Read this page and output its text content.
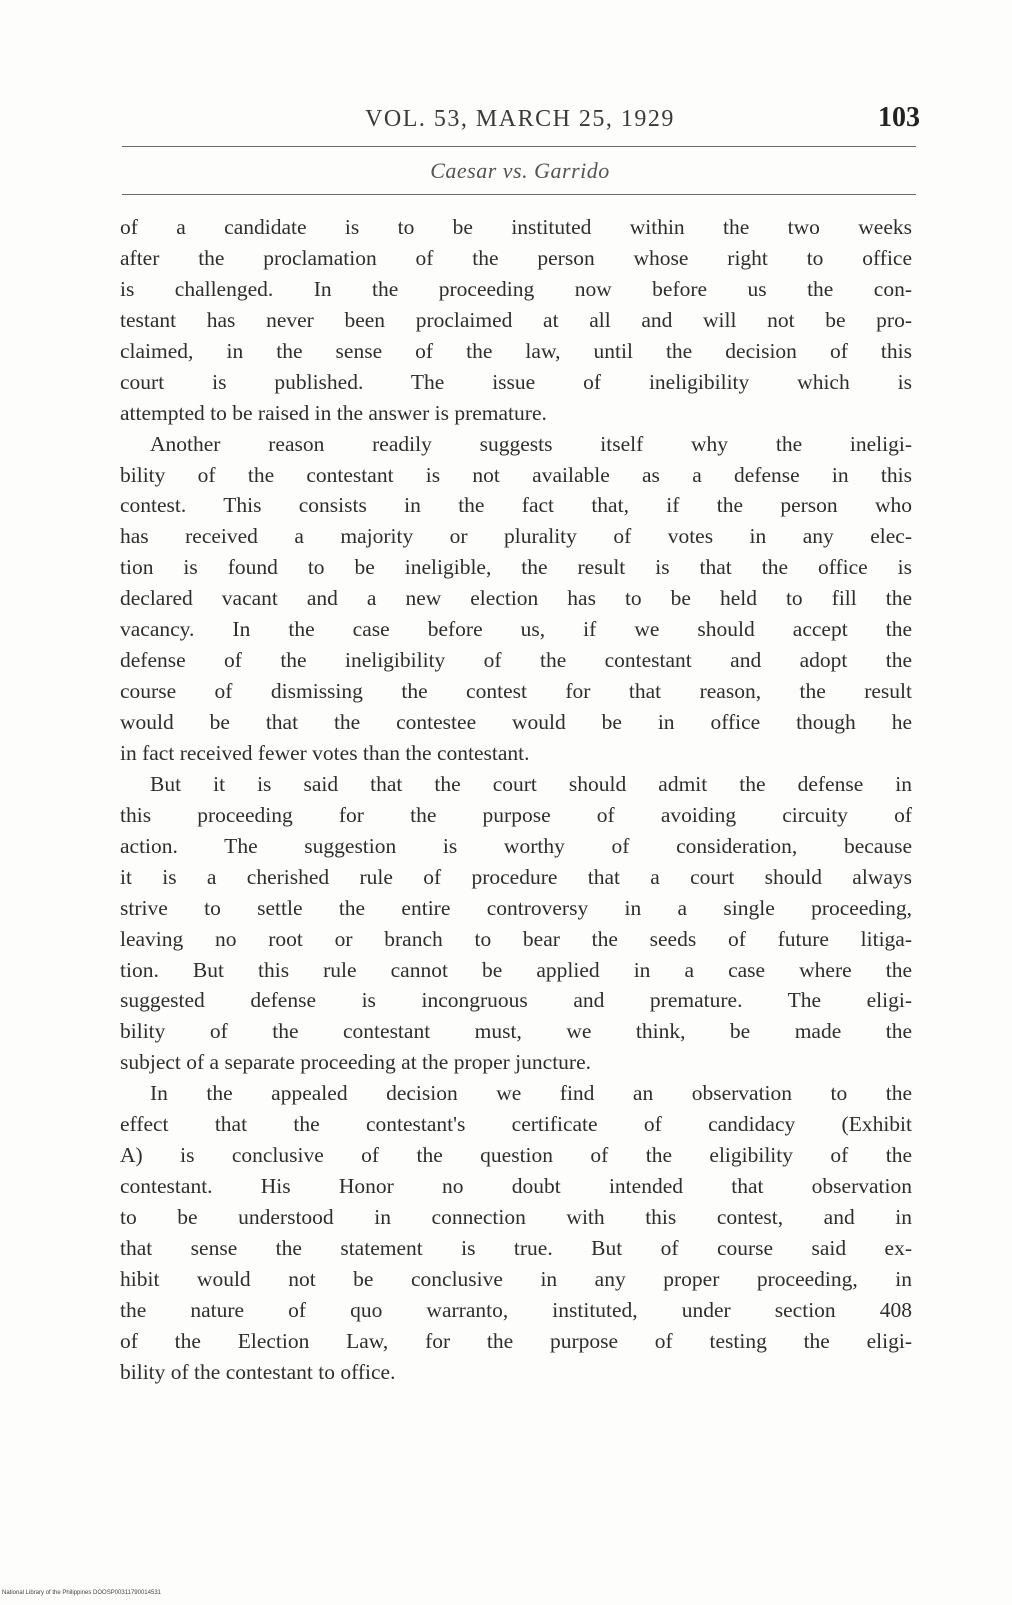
VOL. 53, MARCH 25, 1929	103
Caesar vs. Garrido
of a candidate is to be instituted within the two weeks
after the proclamation of the person whose right to office
is challenged. In the proceeding now before us the con-
testant has never been proclaimed at all and will not be pro-
claimed, in the sense of the law, until the decision of this
court is published. The issue of ineligibility which is
attempted to be raised in the answer is premature.
Another reason readily suggests itself why the ineligi-
bility of the contestant is not available as a defense in this
contest. This consists in the fact that, if the person who
has received a majority or plurality of votes in any elec-
tion is found to be ineligible, the result is that the office is
declared vacant and a new election has to be held to fill the
vacancy. In the case before us, if we should accept the
defense of the ineligibility of the contestant and adopt the
course of dismissing the contest for that reason, the result
would be that the contestee would be in office though he
in fact received fewer votes than the contestant.
But it is said that the court should admit the defense in
this proceeding for the purpose of avoiding circuity of
action. The suggestion is worthy of consideration, because
it is a cherished rule of procedure that a court should always
strive to settle the entire controversy in a single proceeding,
leaving no root or branch to bear the seeds of future litiga-
tion. But this rule cannot be applied in a case where the
suggested defense is incongruous and premature. The eligi-
bility of the contestant must, we think, be made the
subject of a separate proceeding at the proper juncture.
In the appealed decision we find an observation to the
effect that the contestant's certificate of candidacy (Exhibit
A) is conclusive of the question of the eligibility of the
contestant. His Honor no doubt intended that observation
to be understood in connection with this contest, and in
that sense the statement is true. But of course said ex-
hibit would not be conclusive in any proper proceeding, in
the nature of quo warranto, instituted, under section 408
of the Election Law, for the purpose of testing the eligi-
bility of the contestant to office.
National Library of the Philippines DOOSP00311790014531
